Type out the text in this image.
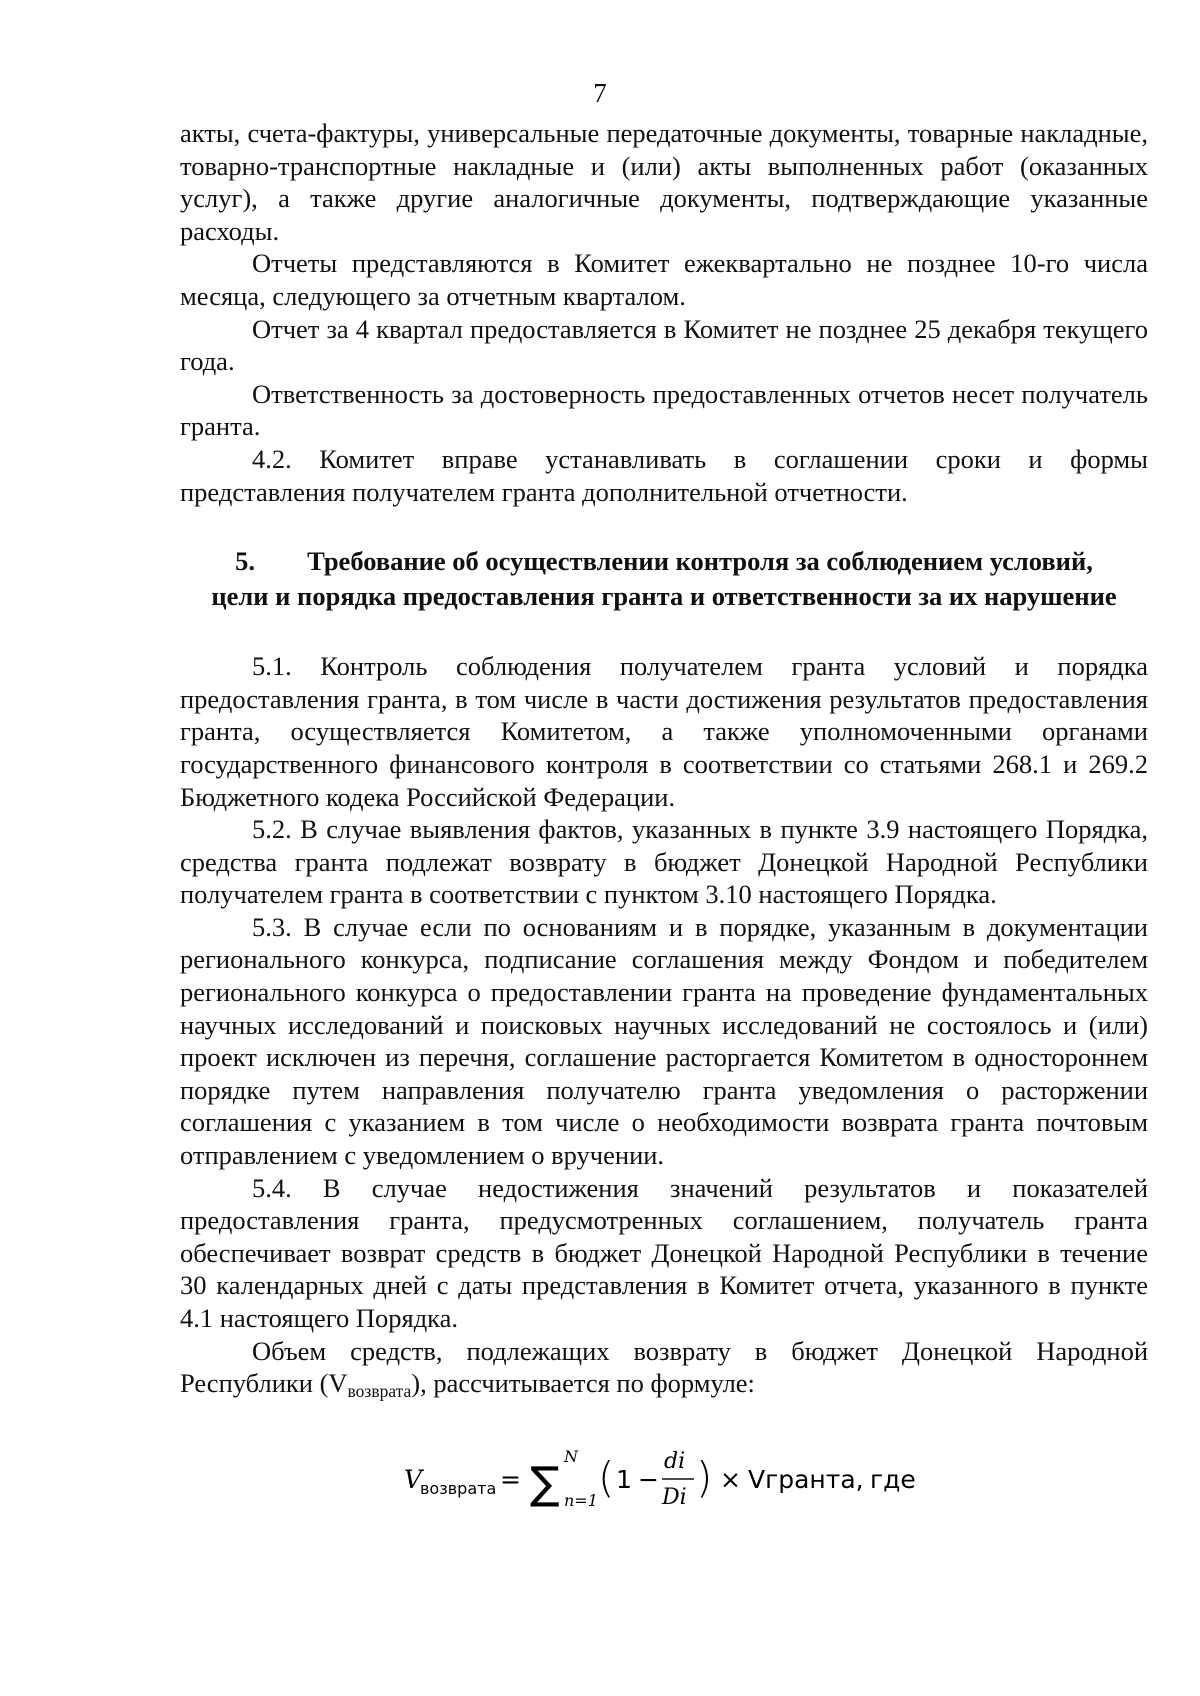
7

акты, счета-фактуры, универсальные передаточные документы, товарные накладные, товарно-транспортные накладные и (или) акты выполненных работ (оказанных услуг), а также другие аналогичные документы, подтверждающие указанные расходы.

Отчеты представляются в Комитет ежеквартально не позднее 10-го числа месяца, следующего за отчетным кварталом.

Отчет за 4 квартал предоставляется в Комитет не позднее 25 декабря текущего года.

Ответственность за достоверность предоставленных отчетов несет получатель гранта.

4.2. Комитет вправе устанавливать в соглашении сроки и формы представления получателем гранта дополнительной отчетности.

5. Требование об осуществлении контроля за соблюдением условий,
цели и порядка предоставления гранта и ответственности за их нарушение

5.1. Контроль соблюдения получателем гранта условий и порядка предоставления гранта, в том числе в части достижения результатов предоставления гранта, осуществляется Комитетом, а также уполномоченными органами государственного финансового контроля в соответствии со статьями 268.1 и 269.2 Бюджетного кодека Российской Федерации.

5.2. В случае выявления фактов, указанных в пункте 3.9 настоящего Порядка, средства гранта подлежат возврату в бюджет Донецкой Народной Республики получателем гранта в соответствии с пунктом 3.10 настоящего Порядка.

5.3. В случае если по основаниям и в порядке, указанным в документации регионального конкурса, подписание соглашения между Фондом и победителем регионального конкурса о предоставлении гранта на проведение фундаментальных научных исследований и поисковых научных исследований не состоялось и (или) проект исключен из перечня, соглашение расторгается Комитетом в одностороннем порядке путем направления получателю гранта уведомления о расторжении соглашения с указанием в том числе о необходимости возврата гранта почтовым отправлением с уведомлением о вручении.

5.4. В случае недостижения значений результатов и показателей предоставления гранта, предусмотренных соглашением, получатель гранта обеспечивает возврат средств в бюджет Донецкой Народной Республики в течение 30 календарных дней с даты представления в Комитет отчета, указанного в пункте 4.1 настоящего Порядка.

Объем средств, подлежащих возврату в бюджет Донецкой Народной Республики $(V_{возврата})$, рассчитывается по формуле:

V
возврата = ∑
N
n=1 ( 1 −
di
Di ) × Vгранта, где
